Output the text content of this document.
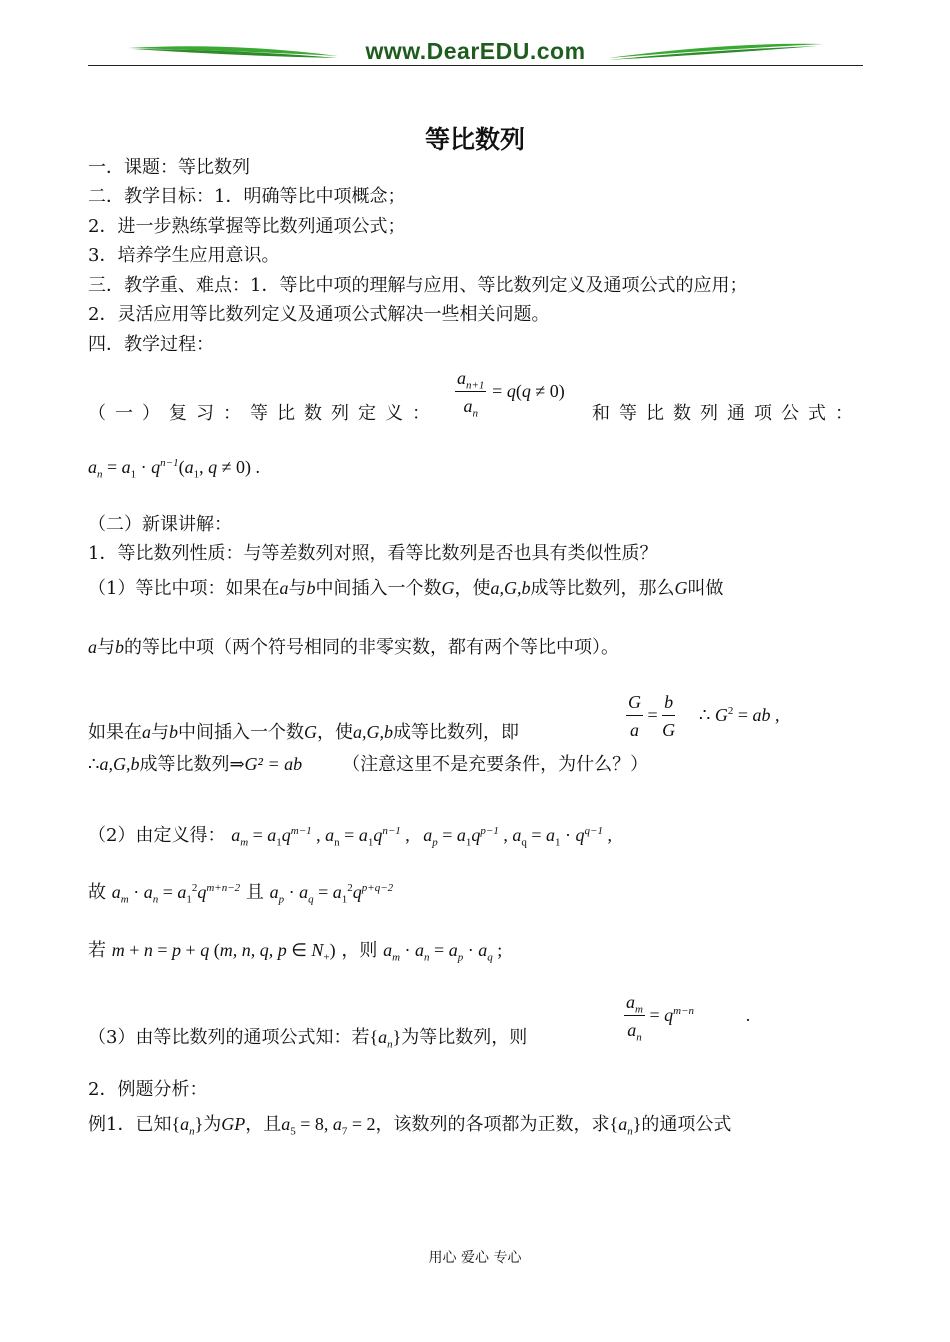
www.DearEDU.com
等比数列
一．课题：等比数列
二．教学目标：1．明确等比中项概念；
2．进一步熟练掌握等比数列通项公式；
3．培养学生应用意识。
三．教学重、难点：1．等比中项的理解与应用、等比数列定义及通项公式的应用；
2．灵活应用等比数列定义及通项公式解决一些相关问题。
四．教学过程：
（一）复习：等比数列定义： $\frac{a_{n+1}}{a_n} = q(q \ne 0)$
和等比数列通项公式：
$a_n = a_1 \cdot q^{n-1}(a_1$, q ≠ 0) .
（二）新课讲解：
1．等比数列性质：与等差数列对照，看等比数列是否也具有类似性质？
（1）等比中项：如果在a与b中间插入一个数G，使a,G,b成等比数列，那么G叫做
a与b的等比中项（两个符号相同的非零实数，都有两个等比中项）。
如果在a与b中间插入一个数G，使a,G,b成等比数列，即	$\frac{G}{a} = \frac{b}{G}$ ∴ $G^2$ = ab ,
∴a,G,b成等比数列⇒G² = ab （注意这里不是充要条件，为什么？）
（2）由定义得： $a_m = a_1q^{m-1}$ , $a_n = a_1q^{n-1}$ ,   $a_p = a_1q^{p-1}$ , $a_q = a_1 \cdot q^{q-1}$ ,
故 $a_m \cdot a_n = a_1^2q^{m+n-2}$ 且 $a_p \cdot a_q = a_1^2q^{p+q-2}$
若 m + n = p + q (m, n, q, p ∈ $N_+$) ，则 $a_m \cdot a_n = a_p \cdot a_q$ ;
（3）由等比数列的通项公式知：若$\{a_n\}$为等比数列，则	$\frac{a_m}{a_n} = q^{m-n}$	.
2．例题分析：
例1．已知$\{a_n\}$为GP，且$a_5 = 8$, $a_7 = 2$，该数列的各项都为正数，求$\{a_n\}$的通项公式
用心 爱心 专心
